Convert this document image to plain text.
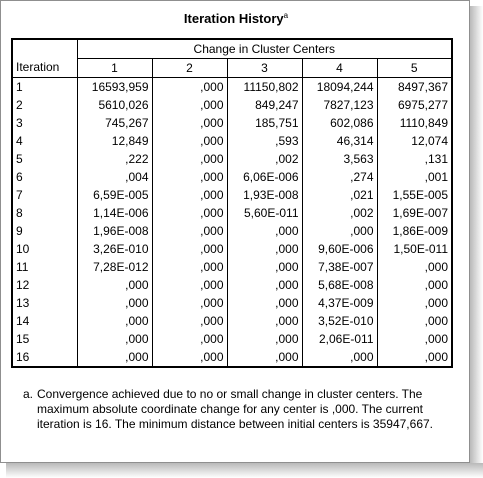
Iteration History$^a$
	Change in Cluster Centers				
Iteration	1	2	3	4	5
1	16593,959	,000	11150,802	18094,244	8497,367
2	5610,026	,000	849,247	7827,123	6975,277
3	745,267	,000	185,751	602,086	1110,849
4	12,849	,000	,593	46,314	12,074
5	,222	,000	,002	3,563	,131
6	,004	,000	6,06E-006	,274	,001
7	6,59E-005	,000	1,93E-008	,021	1,55E-005
8	1,14E-006	,000	5,60E-011	,002	1,69E-007
9	1,96E-008	,000	,000	,000	1,86E-009
10	3,26E-010	,000	,000	9,60E-006	1,50E-011
11	7,28E-012	,000	,000	7,38E-007	,000
12	,000	,000	,000	5,68E-008	,000
13	,000	,000	,000	4,37E-009	,000
14	,000	,000	,000	3,52E-010	,000
15	,000	,000	,000	2,06E-011	,000
16	,000	,000	,000	,000	,000
a. Convergence achieved due to no or small change in cluster centers. The maximum absolute coordinate change for any center is ,000. The current iteration is 16. The minimum distance between initial centers is 35947,667.
